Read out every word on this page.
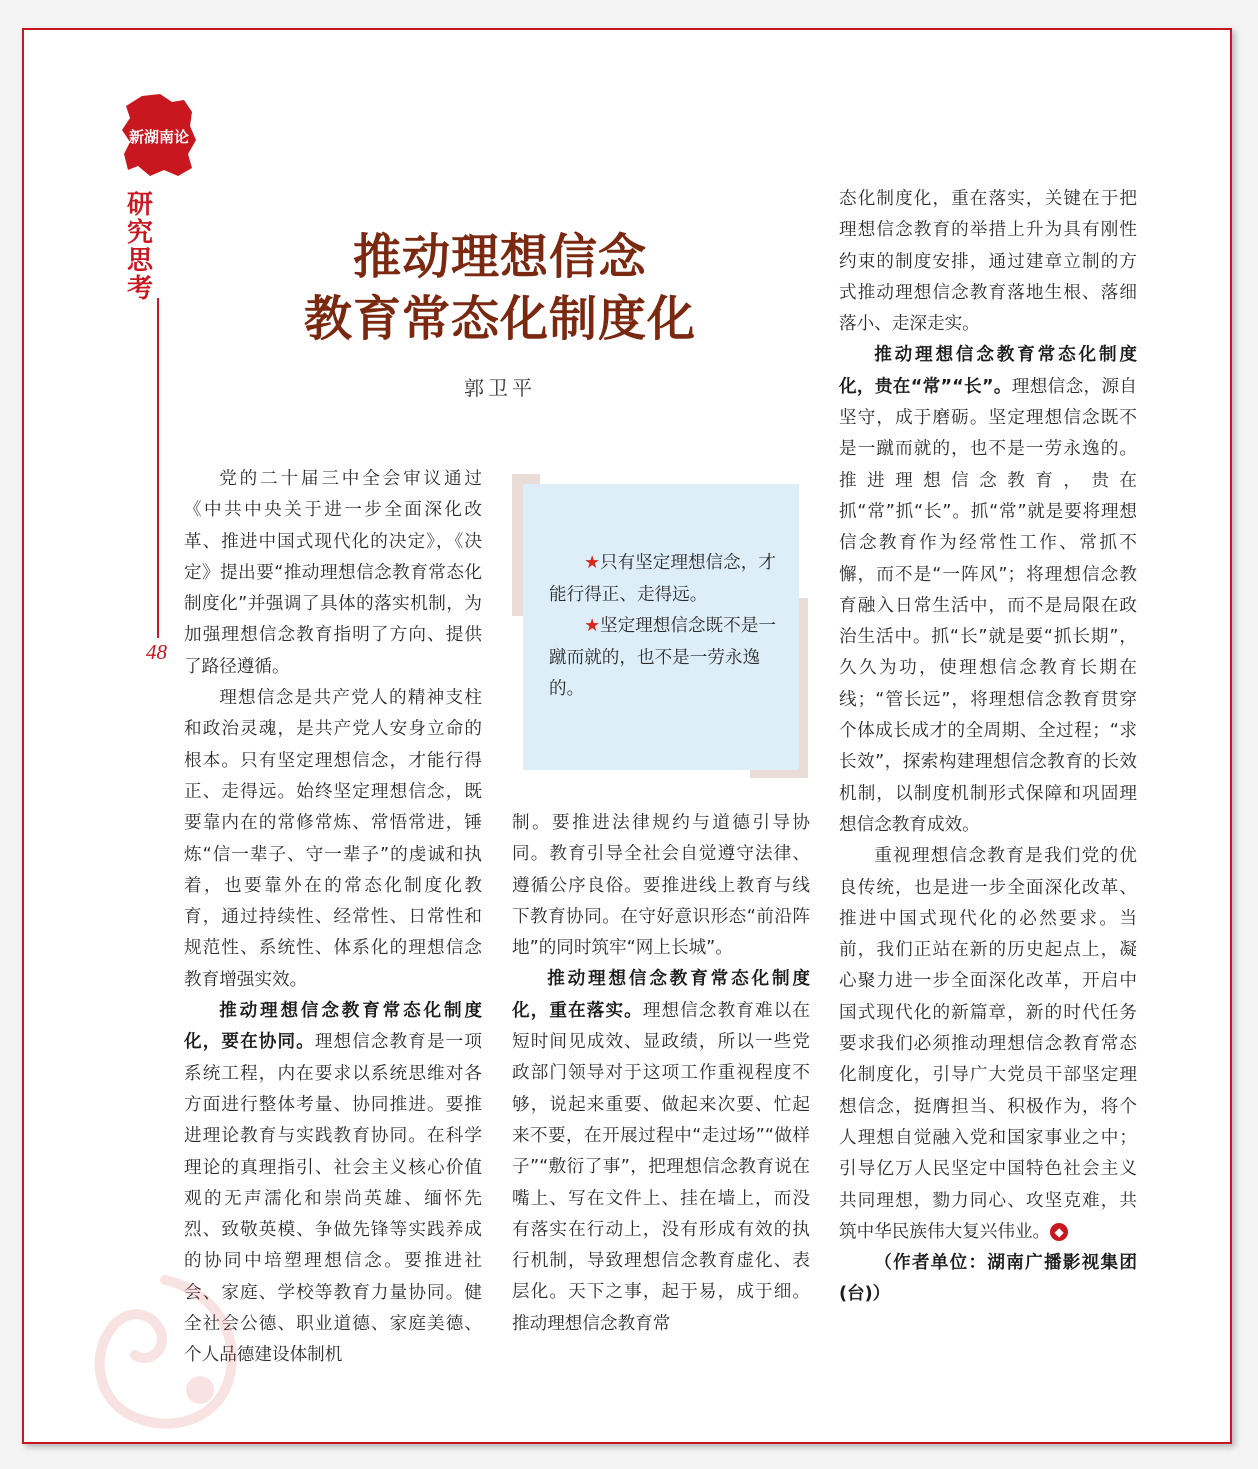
新湖南论
研
究
思
考
48
推动理想信念
教育常态化制度化
郭卫平

党的二十届三中全会审议通过《中共中央关于进一步全面深化改革、推进中国式现代化的决定》，《决定》提出要“推动理想信念教育常态化制度化”并强调了具体的落实机制，为加强理想信念教育指明了方向、提供了路径遵循。

理想信念是共产党人的精神支柱和政治灵魂，是共产党人安身立命的根本。只有坚定理想信念，才能行得正、走得远。始终坚定理想信念，既要靠内在的常修常炼、常悟常进，锤炼“信一辈子、守一辈子”的虔诚和执着，也要靠外在的常态化制度化教育，通过持续性、经常性、日常性和规范性、系统性、体系化的理想信念教育增强实效。

推动理想信念教育常态化制度化，要在协同。理想信念教育是一项系统工程，内在要求以系统思维对各方面进行整体考量、协同推进。要推进理论教育与实践教育协同。在科学理论的真理指引、社会主义核心价值观的无声濡化和崇尚英雄、缅怀先烈、致敬英模、争做先锋等实践养成的协同中培塑理想信念。要推进社会、家庭、学校等教育力量协同。健全社会公德、职业道德、家庭美德、个人品德建设体制机

★只有坚定理想信念，才能行得正、走得远。

★坚定理想信念既不是一蹴而就的，也不是一劳永逸的。

制。要推进法律规约与道德引导协同。教育引导全社会自觉遵守法律、遵循公序良俗。要推进线上教育与线下教育协同。在守好意识形态“前沿阵地”的同时筑牢“网上长城”。

推动理想信念教育常态化制度化，重在落实。理想信念教育难以在短时间见成效、显政绩，所以一些党政部门领导对于这项工作重视程度不够，说起来重要、做起来次要、忙起来不要，在开展过程中“走过场”“做样子”“敷衍了事”，把理想信念教育说在嘴上、写在文件上、挂在墙上，而没有落实在行动上，没有形成有效的执行机制，导致理想信念教育虚化、表层化。天下之事，起于易，成于细。推动理想信念教育常

态化制度化，重在落实，关键在于把理想信念教育的举措上升为具有刚性约束的制度安排，通过建章立制的方式推动理想信念教育落地生根、落细落小、走深走实。

推动理想信念教育常态化制度化，贵在“常”“长”。理想信念，源自坚守，成于磨砺。坚定理想信念既不是一蹴而就的，也不是一劳永逸的。推进理想信念教育，贵在抓“常”抓“长”。抓“常”就是要将理想信念教育作为经常性工作、常抓不懈，而不是“一阵风”；将理想信念教育融入日常生活中，而不是局限在政治生活中。抓“长”就是要“抓长期”，久久为功，使理想信念教育长期在线；“管长远”，将理想信念教育贯穿个体成长成才的全周期、全过程；“求长效”，探索构建理想信念教育的长效机制，以制度机制形式保障和巩固理想信念教育成效。

重视理想信念教育是我们党的优良传统，也是进一步全面深化改革、推进中国式现代化的必然要求。当前，我们正站在新的历史起点上，凝心聚力进一步全面深化改革，开启中国式现代化的新篇章，新的时代任务要求我们必须推动理想信念教育常态化制度化，引导广大党员干部坚定理想信念，挺膺担当、积极作为，将个人理想自觉融入党和国家事业之中；引导亿万人民坚定中国特色社会主义共同理想，勠力同心、攻坚克难，共筑中华民族伟大复兴伟业。 ◆

（作者单位：湖南广播影视集团(台)）
